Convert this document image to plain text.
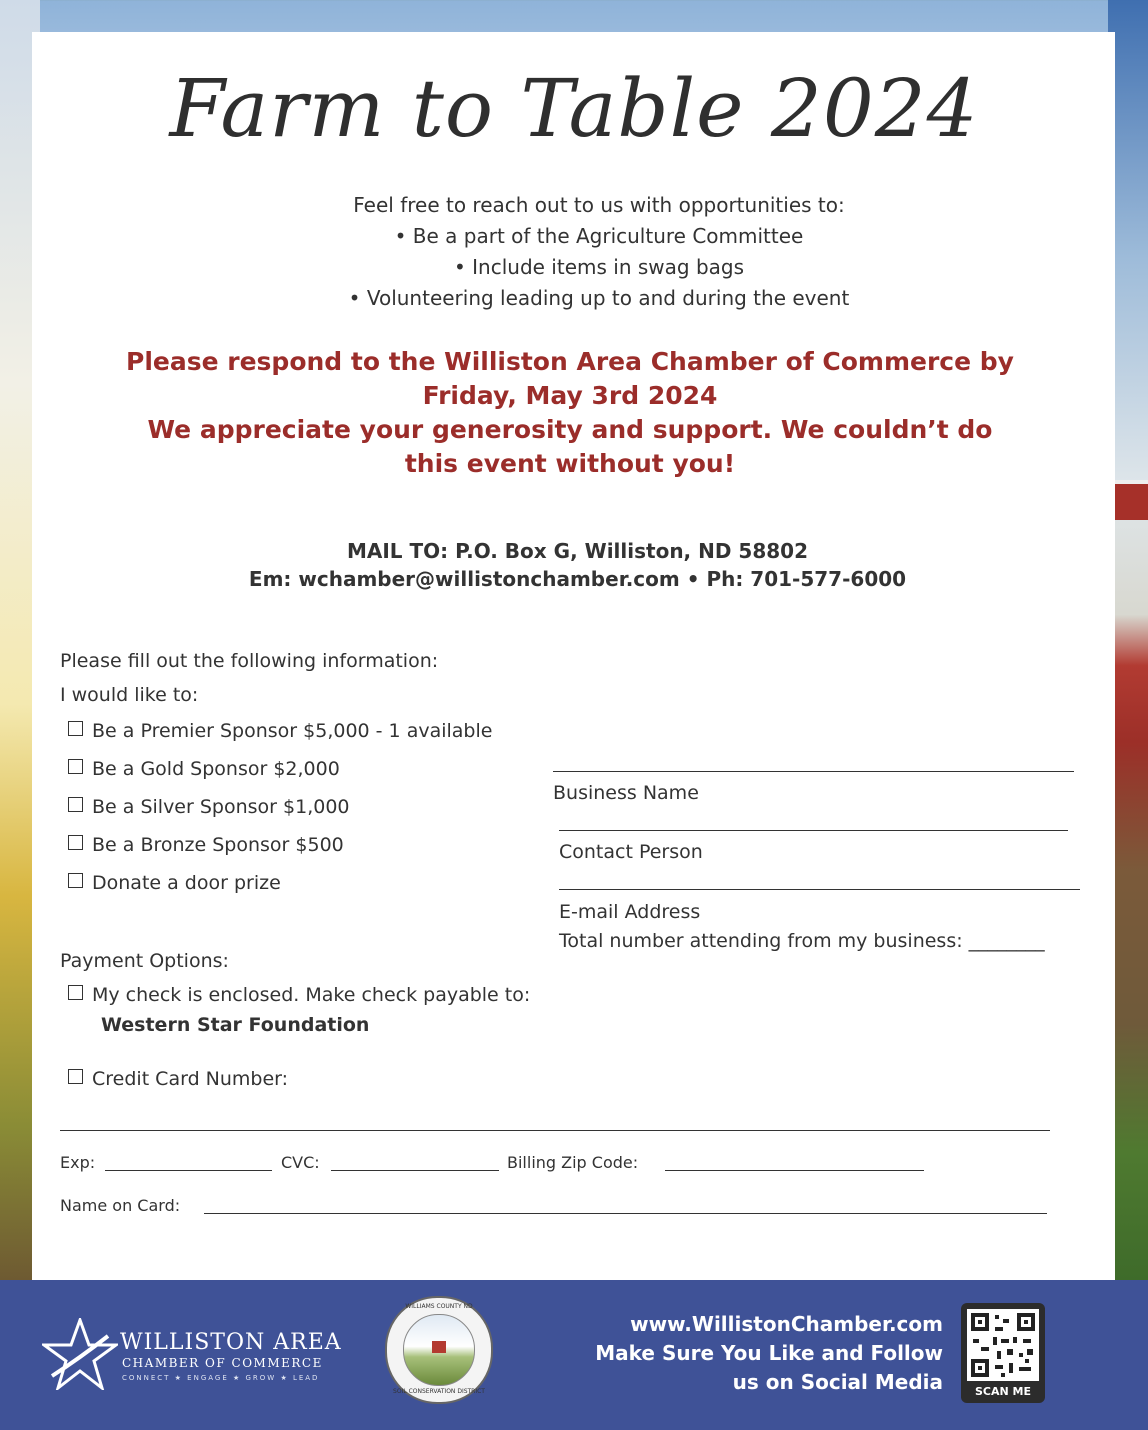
Farm to Table 2024
Feel free to reach out to us with opportunities to:
• Be a part of the Agriculture Committee
• Include items in swag bags
• Volunteering leading up to and during the event
Please respond to the Williston Area Chamber of Commerce by
Friday, May 3rd 2024
We appreciate your generosity and support. We couldn’t do
this event without you!
MAIL TO: P.O. Box G, Williston, ND 58802
Em: wchamber@willistonchamber.com • Ph: 701-577-6000
Please fill out the following information:
I would like to:
Be a Premier Sponsor $5,000 - 1 available
Be a Gold Sponsor $2,000
Be a Silver Sponsor $1,000
Be a Bronze Sponsor $500
Donate a door prize
Business Name
Contact Person
E-mail Address
Total number attending from my business: ________
Payment Options:
My check is enclosed. Make check payable to:
Western Star Foundation
Credit Card Number:
Exp:	CVC:	Billing Zip Code:
Name on Card:
WILLISTON AREA
CHAMBER OF COMMERCE
CONNECT ★ ENGAGE ★ GROW ★ LEAD
WILLIAMS COUNTY ND
SOIL CONSERVATION DISTRICT
www.WillistonChamber.com
Make Sure You Like and Follow
us on Social Media	SCAN ME
